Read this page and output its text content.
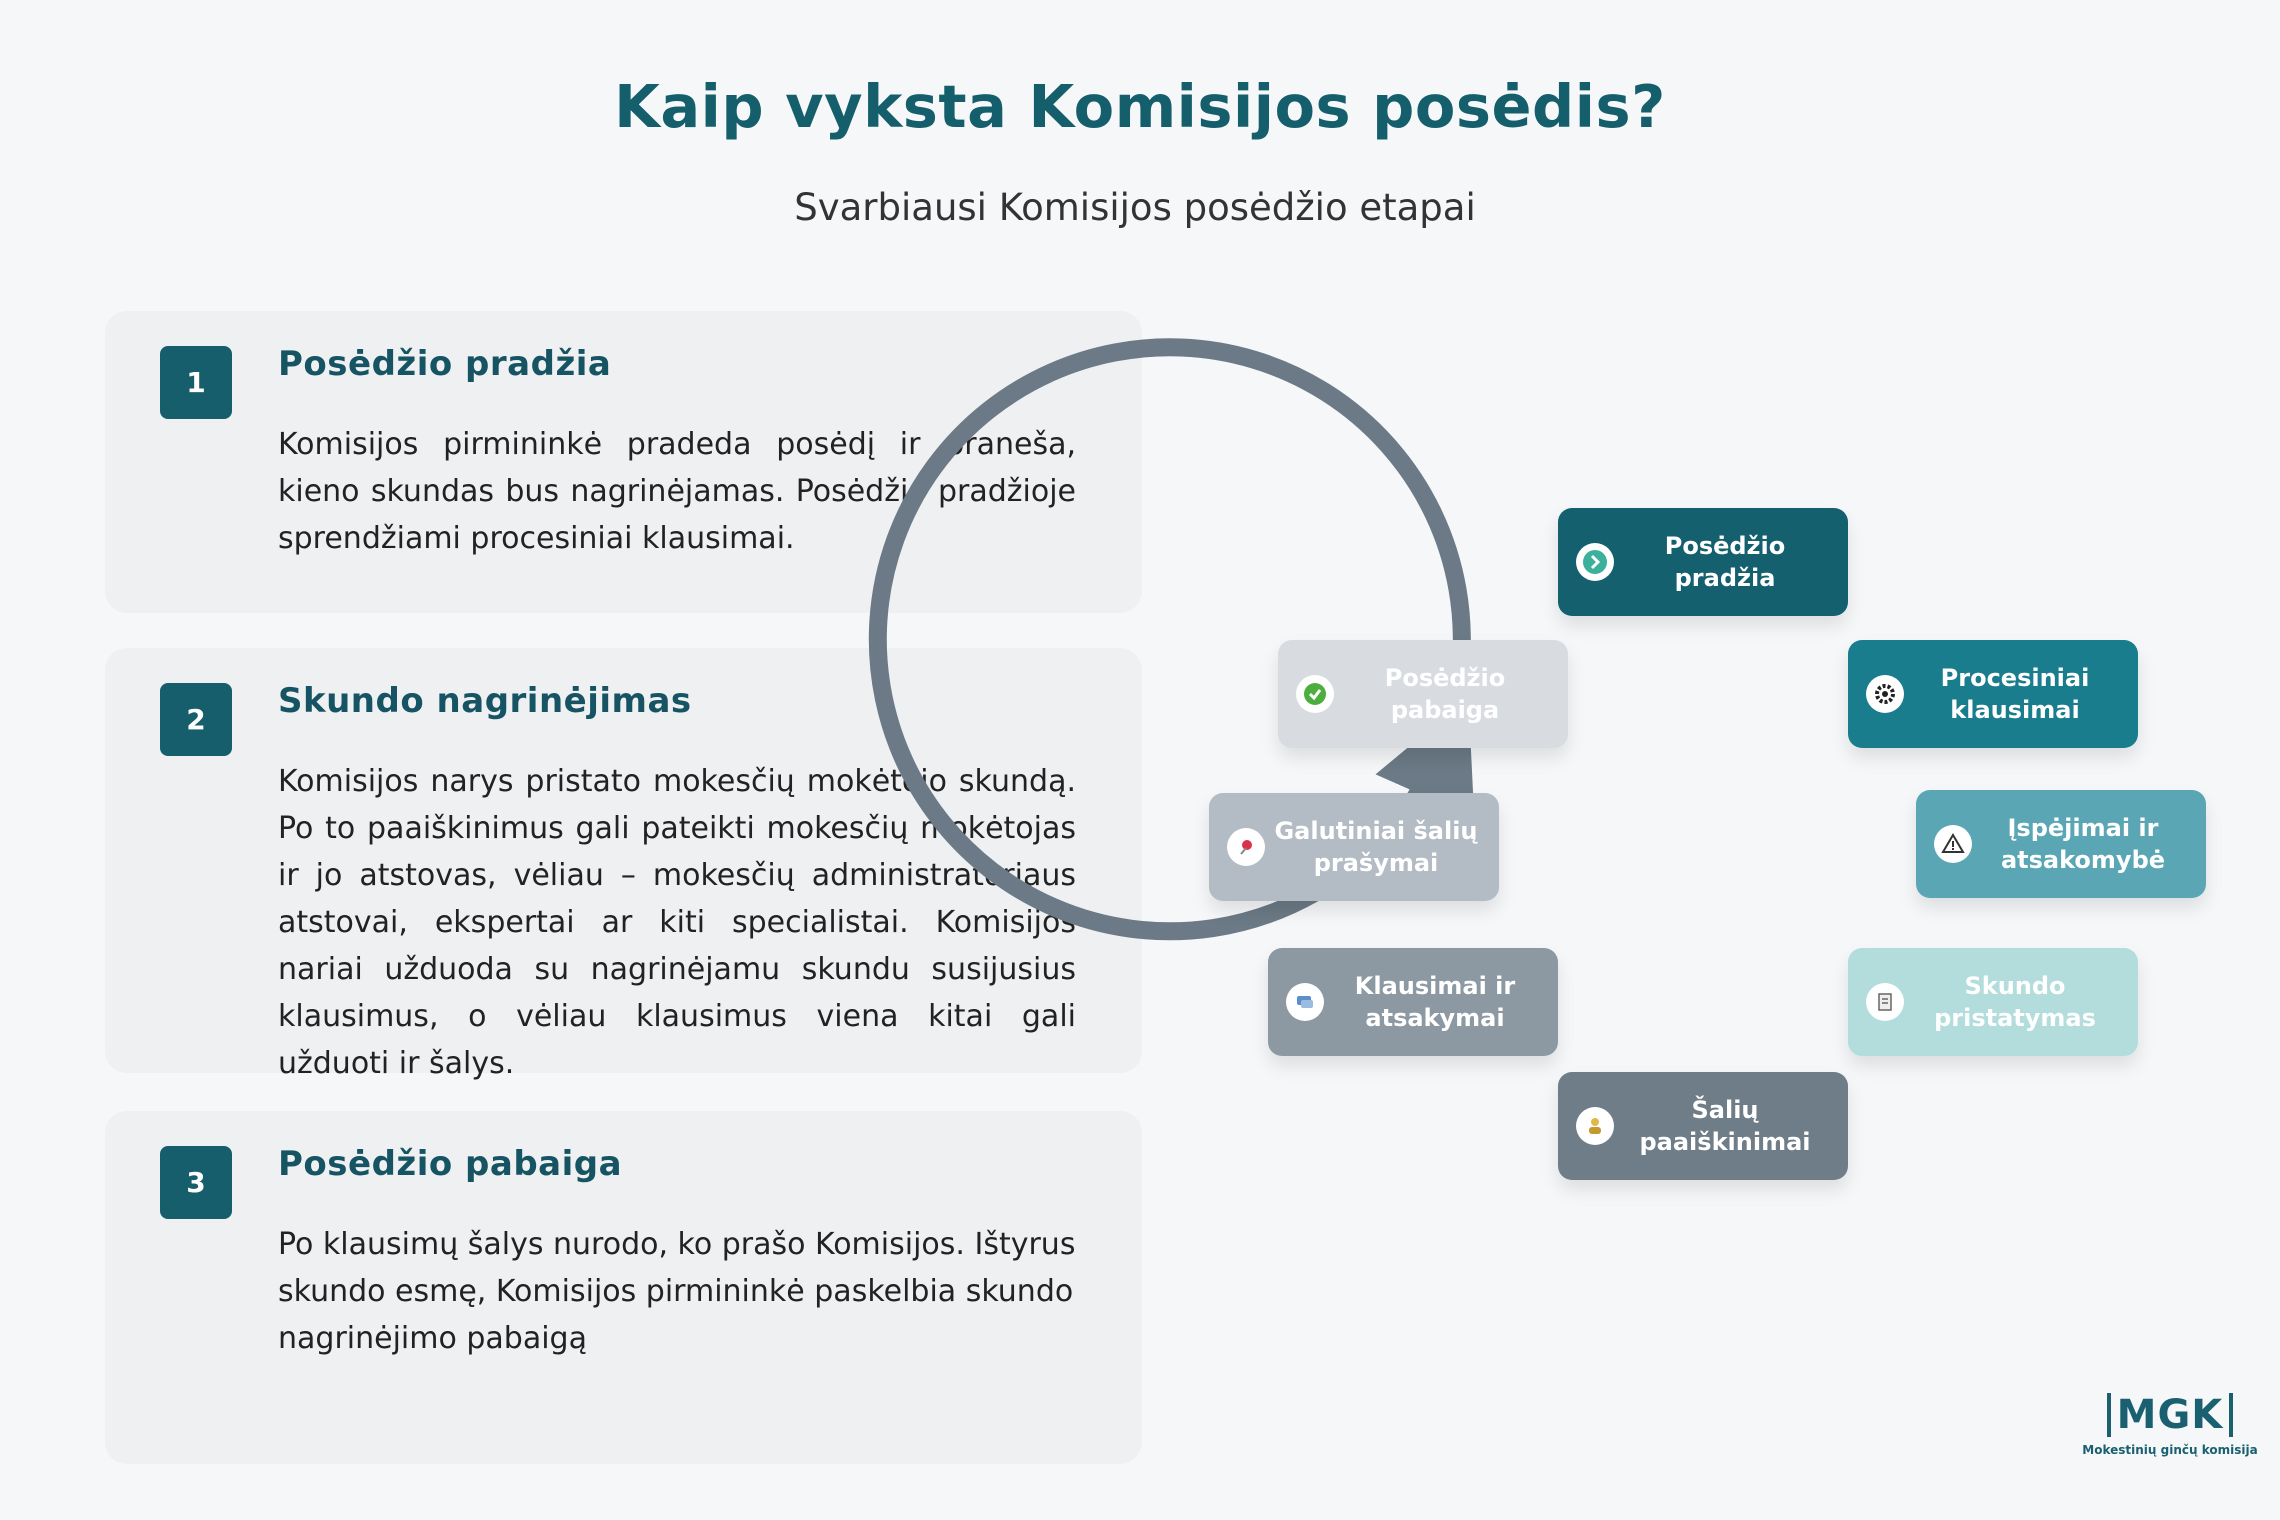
Kaip vyksta Komisijos posėdis?
Svarbiausi Komisijos posėdžio etapai
1	Posėdžio pradžia
Komisijos pirmininkė pradeda posėdį ir praneša, kieno skundas bus nagrinėjamas. Posėdžio pradžioje sprendžiami procesiniai klausimai.
2	Skundo nagrinėjimas
Komisijos narys pristato mokesčių mokėtojo skundą. Po to paaiškinimus gali pateikti mokesčių mokėtojas ir jo atstovas, vėliau – mokesčių administratoriaus atstovai, ekspertai ar kiti specialistai. Komisijos nariai užduoda su nagrinėjamu skundu susijusius klausimus, o vėliau klausimus viena kitai gali užduoti ir šalys.
3	Posėdžio pabaiga
Po klausimų šalys nurodo, ko prašo Komisijos. Ištyrus skundo esmę, Komisijos pirmininkė paskelbia skundo nagrinėjimo pabaigą
Posėdžio pradžia
Procesiniai klausimai
Įspėjimai ir atsakomybė
Skundo pristatymas
Šalių paaiškinimai
Klausimai ir atsakymai
Galutiniai šalių prašymai
Posėdžio pabaiga
MGK
Mokestinių ginčų komisija
